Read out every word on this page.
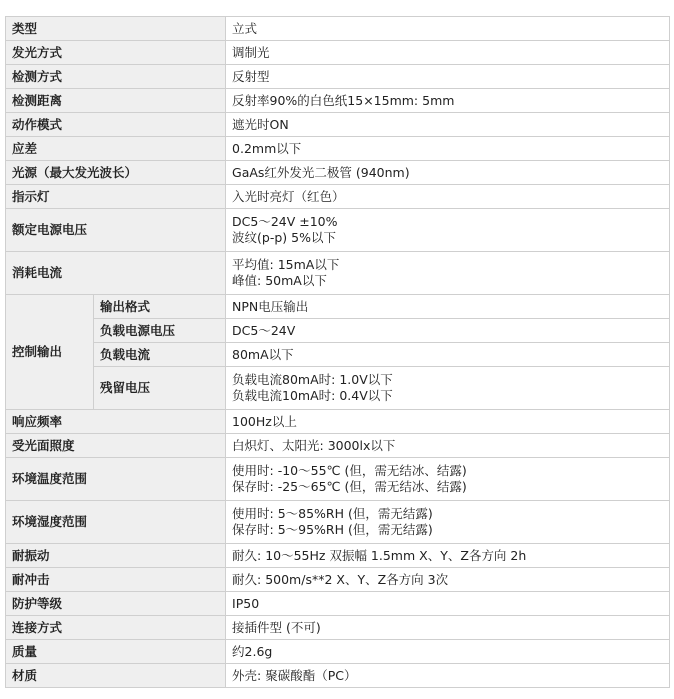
类型		立式

发光方式		调制光

检测方式		反射型

检测距离		反射率90%的白色纸15×15mm: 5mm

动作模式		遮光时ON

应差		0.2mm以下

光源（最大发光波长）		GaAs红外发光二极管 (940nm)

指示灯		入光时亮灯（红色）

额定电源电压		DC5～24V ±10%
波纹(p-p) 5%以下

消耗电流		平均值: 15mA以下
峰值: 50mA以下

控制输出	输出格式	NPN电压输出

	负载电源电压	DC5～24V

	负载电流	80mA以下

	残留电压	负载电流80mA时: 1.0V以下
负载电流10mA时: 0.4V以下

响应频率		100Hz以上

受光面照度		白炽灯、太阳光: 3000lx以下

环境温度范围		使用时: -10～55℃ (但，需无结冰、结露)
保存时: -25～65℃ (但，需无结冰、结露)

环境湿度范围		使用时: 5～85%RH (但，需无结露)
保存时: 5～95%RH (但，需无结露)

耐振动		耐久: 10～55Hz 双振幅 1.5mm X、Y、Z各方向 2h

耐冲击		耐久: 500m/s**2 X、Y、Z各方向 3次

防护等级		IP50

连接方式		接插件型 (不可)

质量		约2.6g

材质		外壳: 聚碳酸酯（PC）
